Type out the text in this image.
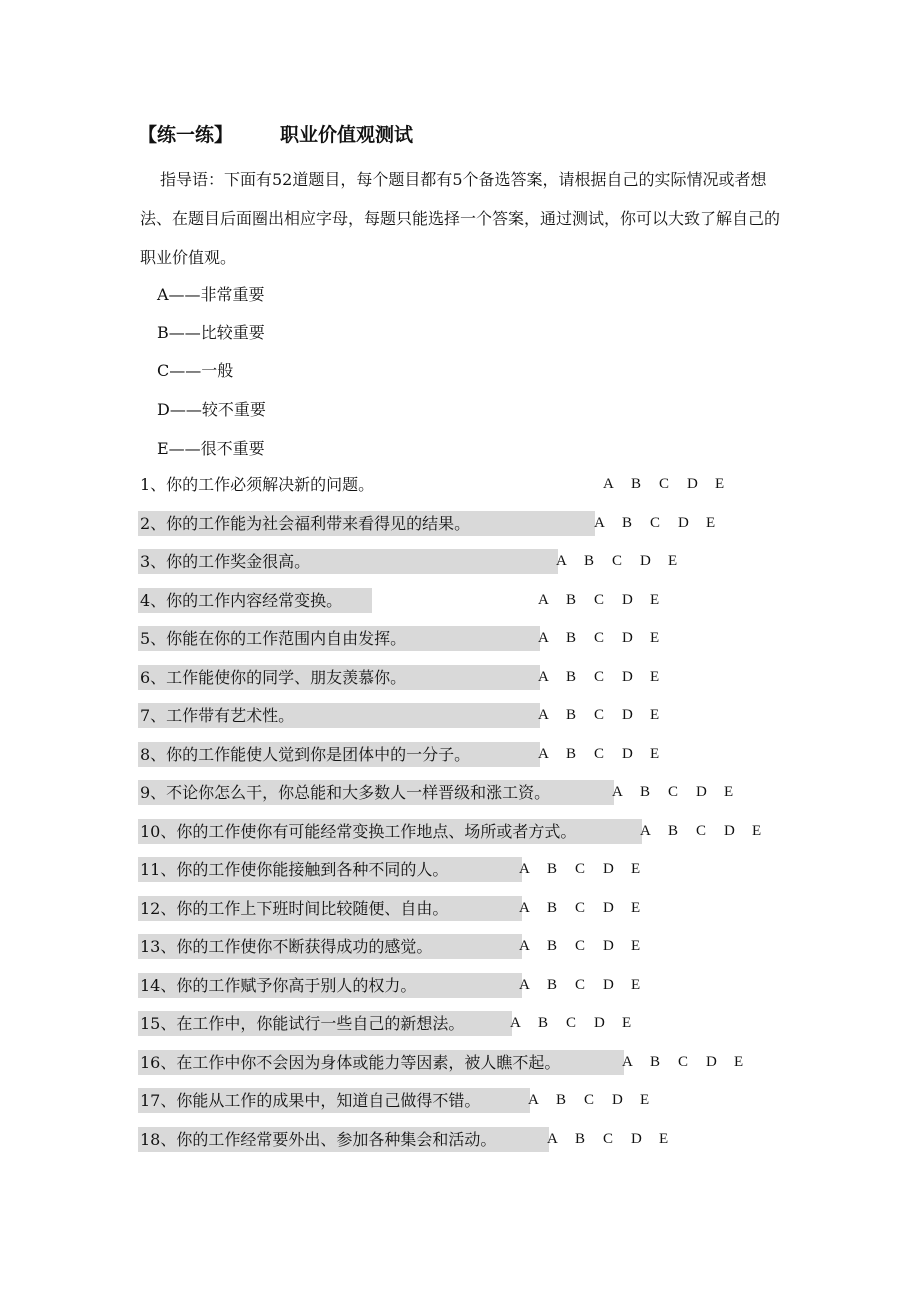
【练一练】 职业价值观测试
指导语：下面有52道题目，每个题目都有5个备选答案，请根据自己的实际情况或者想法、在题目后面圈出相应字母，每题只能选择一个答案，通过测试，你可以大致了解自己的职业价值观。
A——非常重要
B——比较重要
C——一般
D——较不重要
E——很不重要
1、你的工作必须解决新的问题。	A B C D E
2、你的工作能为社会福利带来看得见的结果。	A B C D E
3、你的工作奖金很高。	A B C D E
4、你的工作内容经常变换。	A B C D E
5、你能在你的工作范围内自由发挥。	A B C D E
6、工作能使你的同学、朋友羡慕你。	A B C D E
7、工作带有艺术性。	A B C D E
8、你的工作能使人觉到你是团体中的一分子。	A B C D E
9、不论你怎么干，你总能和大多数人一样晋级和涨工资。	A B C D E
10、你的工作使你有可能经常变换工作地点、场所或者方式。	A B C D E
11、你的工作使你能接触到各种不同的人。	A B C D E
12、你的工作上下班时间比较随便、自由。	A B C D E
13、你的工作使你不断获得成功的感觉。	A B C D E
14、你的工作赋予你高于别人的权力。	A B C D E
15、在工作中，你能试行一些自己的新想法。	A B C D E
16、在工作中你不会因为身体或能力等因素，被人瞧不起。	A B C D E
17、你能从工作的成果中，知道自己做得不错。	A B C D E
18、你的工作经常要外出、参加各种集会和活动。	A B C D E
